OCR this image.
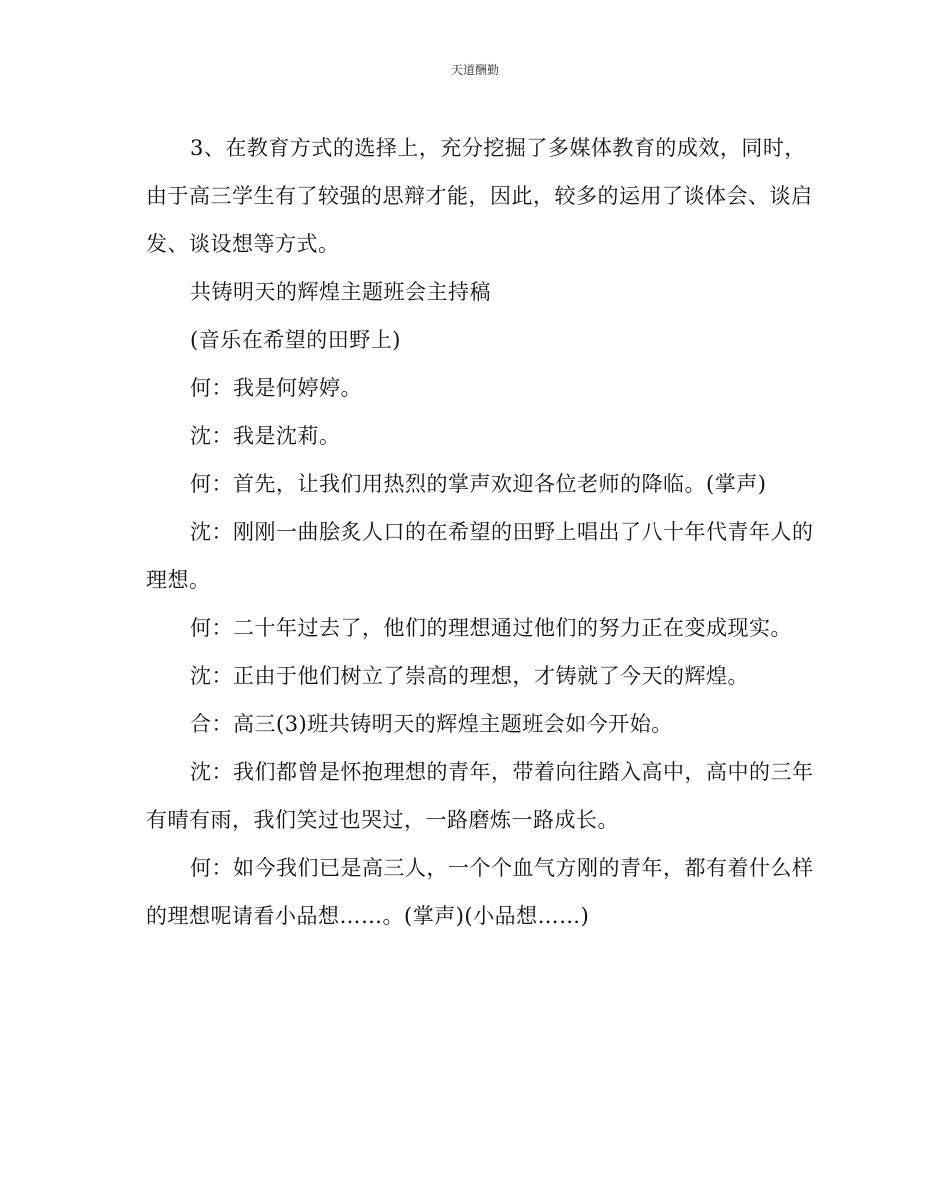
天道酬勤

3、在教育方式的选择上，充分挖掘了多媒体教育的成效，同时，由于高三学生有了较强的思辩才能，因此，较多的运用了谈体会、谈启发、谈设想等方式。

共铸明天的辉煌主题班会主持稿

(音乐在希望的田野上)

何：我是何婷婷。

沈：我是沈莉。

何：首先，让我们用热烈的掌声欢迎各位老师的降临。(掌声)

沈：刚刚一曲脍炙人口的在希望的田野上唱出了八十年代青年人的理想。

何：二十年过去了，他们的理想通过他们的努力正在变成现实。

沈：正由于他们树立了崇高的理想，才铸就了今天的辉煌。

合：高三(3)班共铸明天的辉煌主题班会如今开始。

沈：我们都曾是怀抱理想的青年，带着向往踏入高中，高中的三年有晴有雨，我们笑过也哭过，一路磨炼一路成长。

何：如今我们已是高三人，一个个血气方刚的青年，都有着什么样的理想呢请看小品想……。(掌声)(小品想……)
